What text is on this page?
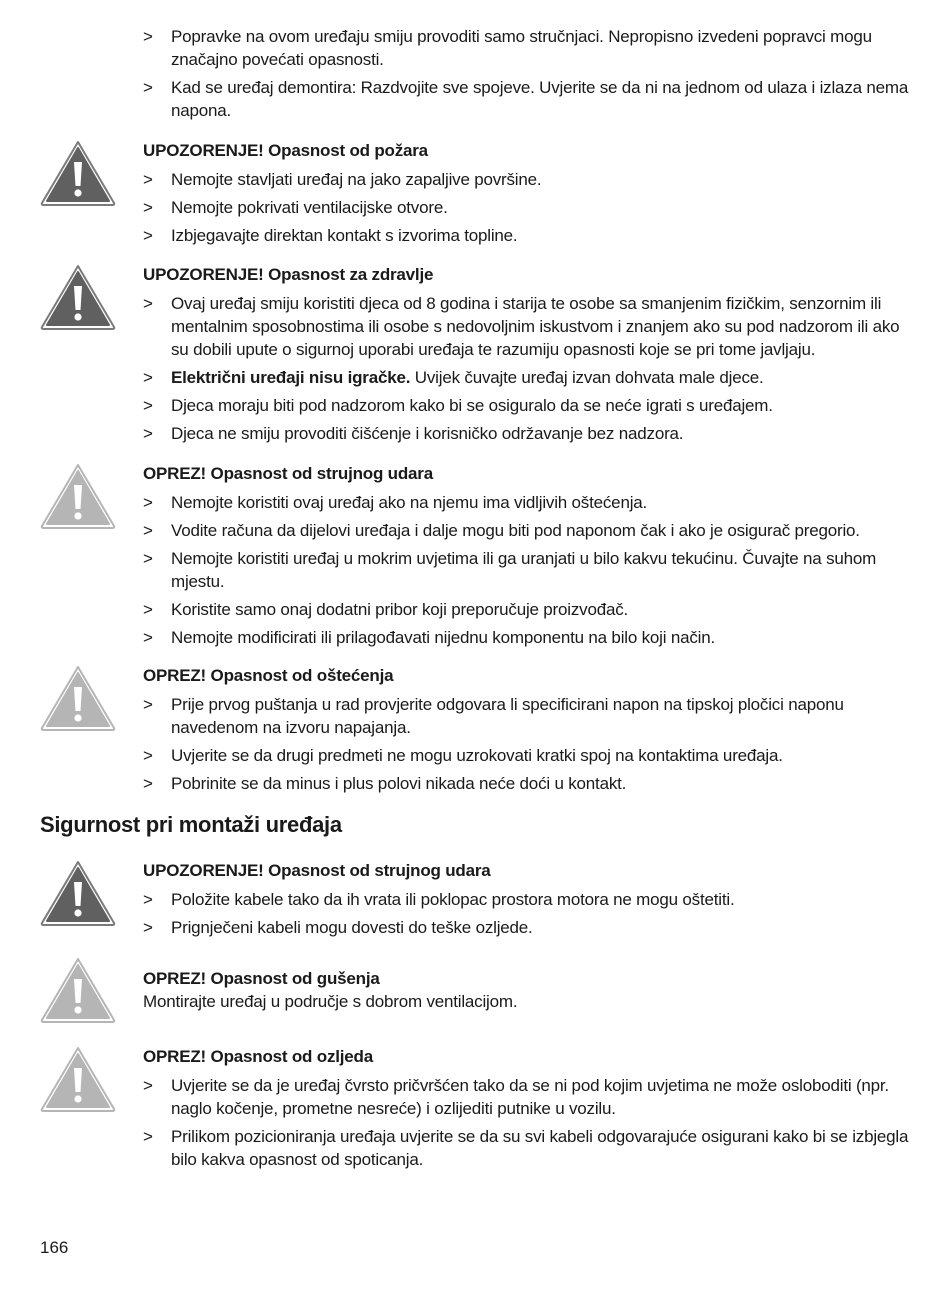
> Popravke na ovom uređaju smiju provoditi samo stručnjaci. Nepropisno izvedeni popravci mogu značajno povećati opasnosti.
> Kad se uređaj demontira: Razdvojite sve spojeve. Uvjerite se da ni na jednom od ulaza i izlaza nema napona.
UPOZORENJE! Opasnost od požara
> Nemojte stavljati uređaj na jako zapaljive površine.
> Nemojte pokrivati ventilacijske otvore.
> Izbjegavajte direktan kontakt s izvorima topline.
UPOZORENJE! Opasnost za zdravlje
> Ovaj uređaj smiju koristiti djeca od 8 godina i starija te osobe sa smanjenim fizičkim, senzornim ili mentalnim sposobnostima ili osobe s nedovoljnim iskustvom i znanjem ako su pod nadzorom ili ako su dobili upute o sigurnoj uporabi uređaja te razumiju opasnosti koje se pri tome javljaju.
> Električni uređaji nisu igračke. Uvijek čuvajte uređaj izvan dohvata male djece.
> Djeca moraju biti pod nadzorom kako bi se osiguralo da se neće igrati s uređajem.
> Djeca ne smiju provoditi čišćenje i korisničko održavanje bez nadzora.
OPREZ! Opasnost od strujnog udara
> Nemojte koristiti ovaj uređaj ako na njemu ima vidljivih oštećenja.
> Vodite računa da dijelovi uređaja i dalje mogu biti pod naponom čak i ako je osigurač pregorio.
> Nemojte koristiti uređaj u mokrim uvjetima ili ga uranjati u bilo kakvu tekućinu. Čuvajte na suhom mjestu.
> Koristite samo onaj dodatni pribor koji preporučuje proizvođač.
> Nemojte modificirati ili prilagođavati nijednu komponentu na bilo koji način.
OPREZ! Opasnost od oštećenja
> Prije prvog puštanja u rad provjerite odgovara li specificirani napon na tipskoj pločici naponu navedenom na izvoru napajanja.
> Uvjerite se da drugi predmeti ne mogu uzrokovati kratki spoj na kontaktima uređaja.
> Pobrinite se da minus i plus polovi nikada neće doći u kontakt.
Sigurnost pri montaži uređaja
UPOZORENJE! Opasnost od strujnog udara
> Položite kabele tako da ih vrata ili poklopac prostora motora ne mogu oštetiti.
> Prignječeni kabeli mogu dovesti do teške ozljede.
OPREZ! Opasnost od gušenja
Montirajte uređaj u područje s dobrom ventilacijom.
OPREZ! Opasnost od ozljeda
> Uvjerite se da je uređaj čvrsto pričvršćen tako da se ni pod kojim uvjetima ne može osloboditi (npr. naglo kočenje, prometne nesreće) i ozlijediti putnike u vozilu.
> Prilikom pozicioniranja uređaja uvjerite se da su svi kabeli odgovarajuće osigurani kako bi se izbjegla bilo kakva opasnost od spoticanja.
166
